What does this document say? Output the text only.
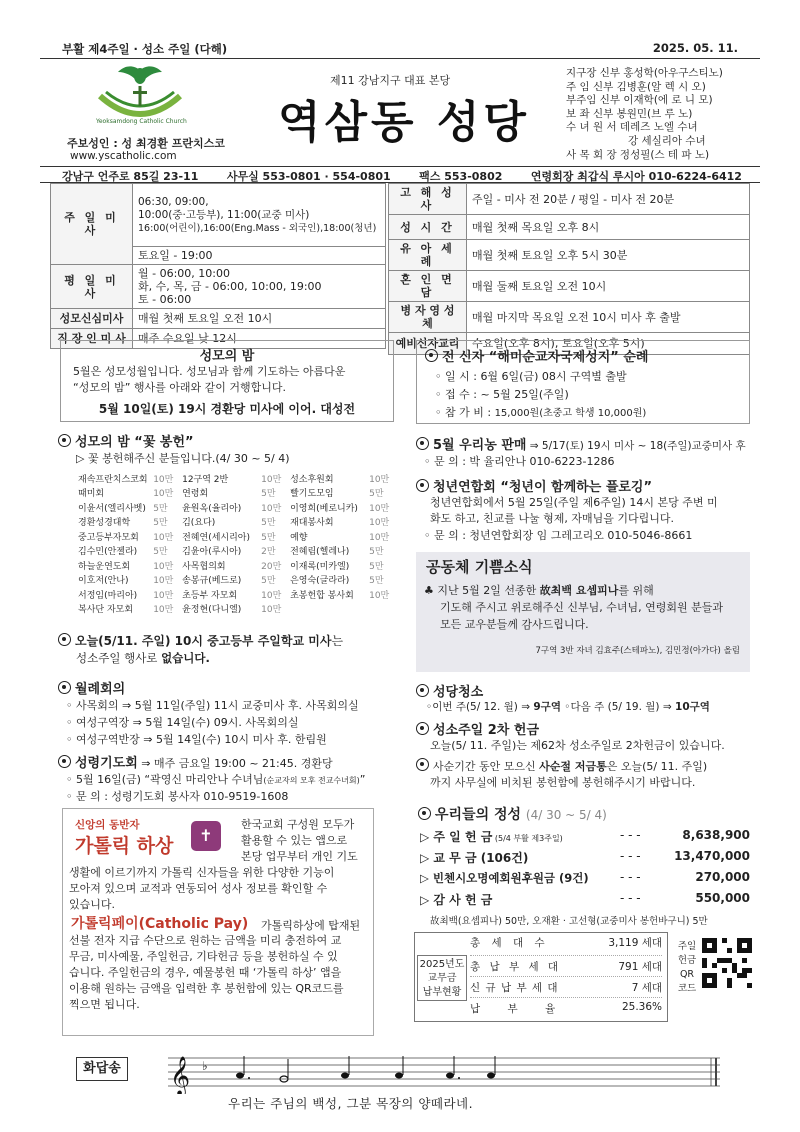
부활 제4주일 · 성소 주일 (다해)	2025. 05. 11.
Yeoksamdong Catholic Church
제11 강남지구 대표 본당
역삼동 성당
주보성인 : 성 최경환 프란치스코
www.yscatholic.com
지구장 신부 홍성학(아우구스티노)
주 임 신부 김병훈(알 렉 시 오)
부주임 신부 이재학(에 로 니 모)
보 좌 신부 봉원민(브 루 노)
수 녀 원 서 데레즈 노엘 수녀
강 세실리아 수녀
사 목 회 장 정성필(스 테 파 노)
강남구 언주로 85길 23-11	사무실 553-0801 · 554-0801	팩스 553-0802	연령회장 최갑식 루시아 010-6224-6412
주 일 미 사	06:30, 09:00,
10:00(중·고등부), 11:00(교중 미사)
16:00(어린이),16:00(Eng.Mass - 외국인),18:00(청년)

	토요일 - 19:00
평 일 미 사	월 - 06:00, 10:00
화, 수, 목, 금 - 06:00, 10:00, 19:00
토 - 06:00

성모신심미사	매월 첫째 토요일 오전 10시
직 장 인 미 사	매주 수요일 낮 12시
고 해 성 사	주일 - 미사 전 20분 / 평일 - 미사 전 20분
성 시 간	매월 첫째 목요일 오후 8시
유 아 세 례	매월 첫째 토요일 오후 5시 30분
혼 인 면 담	매월 둘째 토요일 오전 10시
병 자 영 성 체	매월 마지막 목요일 오전 10시 미사 후 출발
예비신자교리	수요일(오후 8시), 토요일(오후 5시)
성모의 밤
5월은 성모성월입니다. 성모님과 함께 기도하는 아름다운
“성모의 밤” 행사를 아래와 같이 거행합니다.
5월 10일(토) 19시 경환당 미사에 이어. 대성전
성모의 밤 “꽃 봉헌”
▷ 꽃 봉헌해주신 분들입니다.(4/ 30 ~ 5/ 4)
재속프란치스코회 10만 12구역 2반	10만 성소후원회	10만
때미회	10만 연령회	5만	빨기도모임	5만
이윤서(엘리사벳) 5만	윤원옥(율리아)	10만 이영희(베로니카)	10만
경환성경대학	5만	김(요다)	5만	재대봉사회	10만
중고등부자모회	10만 전혜연(세시리아)	5만	예향	10만
김수민(안젤라)	5만	김윤아(루시아)	2만	전혜림(헬레나)	5만
하늘운연도회	10만 사목협의회	20만 이재록(미카엘)	5만
이호저(안나)	10만 송봉규(베드로)	5만	은영숙(글라라)	5만
서정임(마리아)	10만 초등부 자모회	10만 초봉헌합 봉사회	10만
복사단 자모회	10만 윤정현(다니엘)	10만
오늘(5/11. 주일) 10시 중고등부 주일학교 미사는
성소주일 행사로 없습니다.
월례회의
◦ 사목회의 ⇒ 5월 11일(주일) 11시 교중미사 후. 사목회의실
◦ 여성구역장 ⇒ 5월 14일(수) 09시. 사목회의실
◦ 여성구역반장 ⇒ 5월 14일(수) 10시 미사 후. 한림원
성령기도회 ⇒ 매주 금요일 19:00 ~ 21:45. 경환당
◦ 5월 16일(금) “곽영신 마리안나 수녀님(순교자의 모후 전교수녀회)”
◦ 문 의 : 성령기도회 봉사자 010-9519-1608
신앙의 동반자
가톨릭 하상	✝
한국교회 구성원 모두가
활용할 수 있는 앱으로
본당 업무부터 개인 기도
생활에 이르기까지 가톨릭 신자들을 위한 다양한 기능이
모아져 있으며 교적과 연동되어 성사 정보를 확인할 수
있습니다.
가톨릭페이(Catholic Pay) 가톨릭하상에 탑재된
선불 전자 지급 수단으로 원하는 금액을 미리 충전하여 교
무금, 미사예물, 주일헌금, 기타헌금 등을 봉헌하실 수 있
습니다. 주일헌금의 경우, 예물봉헌 때 ‘가톨릭 하상’ 앱을
이용해 원하는 금액을 입력한 후 봉헌함에 있는 QR코드를
찍으면 됩니다.
전 신자 “해미순교자국제성지” 순례
◦ 일 시 : 6월 6일(금) 08시 구역별 출발
◦ 접 수 : ~ 5월 25일(주일)
◦ 참 가 비 : 15,000원(초중고 학생 10,000원)
5월 우리농 판매 ⇒ 5/17(토) 19시 미사 ~ 18(주일)교중미사 후
◦ 문 의 : 박 율리안나 010-6223-1286
청년연합회 “청년이 함께하는 플로깅”
청년연합회에서 5월 25일(주일 제6주일) 14시 본당 주변 미
화도 하고, 친교를 나눌 형제, 자매님을 기다립니다.
◦ 문 의 : 청년연합회장 임 그레고리오 010-5046-8661
공동체 기쁨소식
♣ 지난 5월 2일 선종한 故최백 요셉피나를 위해
기도해 주시고 위로해주신 신부님, 수녀님, 연령회원 분들과
모든 교우분들께 감사드립니다.
7구역 3반 자녀 김효주(스테파노), 김민정(아가다) 올림
성당청소
◦이번 주(5/ 12. 월) ⇒ 9구역 ◦다음 주 (5/ 19. 월) ⇒ 10구역
성소주일 2차 헌금
오늘(5/ 11. 주일)는 제62차 성소주일로 2차헌금이 있습니다.
사순기간 동안 모으신 사순절 저금통은 오늘(5/ 11. 주일)
까지 사무실에 비치된 봉헌함에 봉헌해주시기 바랍니다.
우리들의 정성 (4/ 30 ~ 5/ 4)
▷ 주 일 헌 금 (5/4 부활 제3주일)	- - -	8,638,900
▷ 교 무 금 (106건)	- - -	13,470,000
▷ 빈첸시오명예회원후원금 (9건)	- - -	270,000
▷ 감 사 헌 금	- - -	550,000
故최백(요셉피나) 50만, 오재환 · 고선형(교중미사 봉헌바구니) 5만
2025년도
교무금
납부현황
총 세 대 수	3,119 세대
총 납 부 세 대	791 세대
신 규 납 부 세 대	7 세대
납 부 율	25.36%
주일
헌금
QR
코드
화답송 𝄞 ♭
우리는 주님의 백성, 그분 목장의 양떼라네.
